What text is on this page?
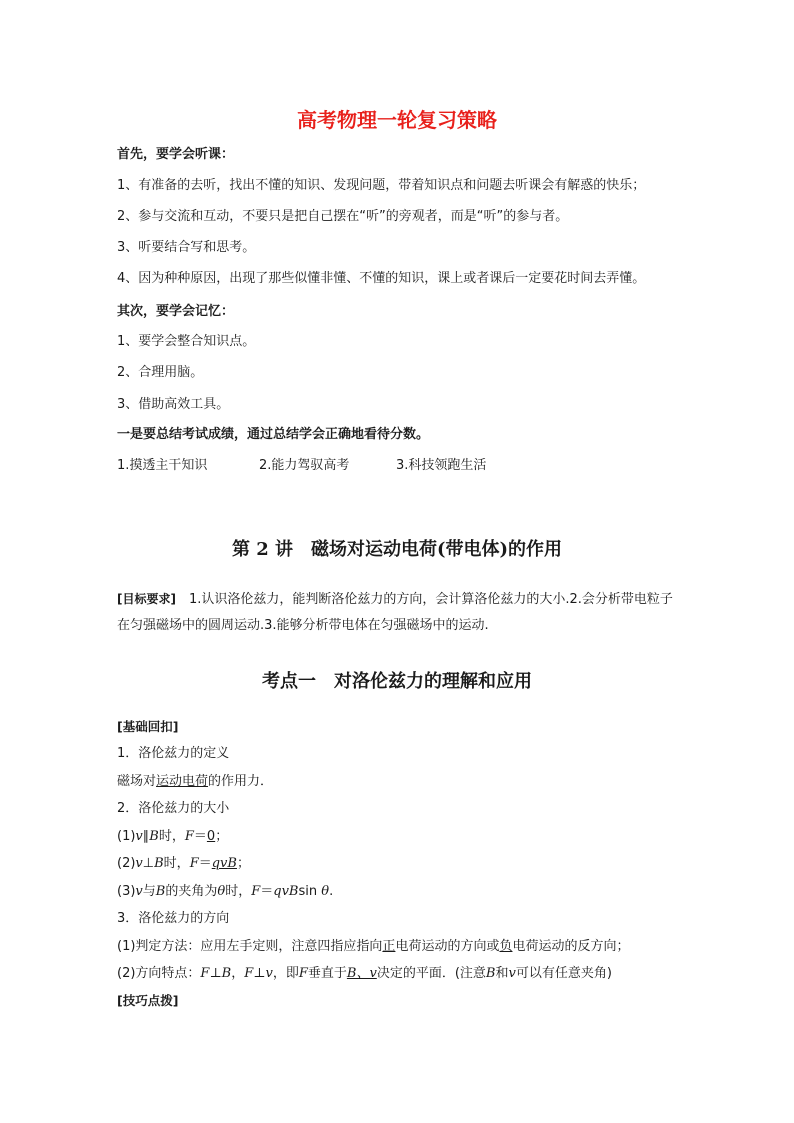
高考物理一轮复习策略
首先，要学会听课：
1、有准备的去听，找出不懂的知识、发现问题，带着知识点和问题去听课会有解惑的快乐；
2、参与交流和互动，不要只是把自己摆在“听”的旁观者，而是“听”的参与者。
3、听要结合写和思考。
4、因为种种原因，出现了那些似懂非懂、不懂的知识，课上或者课后一定要花时间去弄懂。
其次，要学会记忆：
1、要学会整合知识点。
2、合理用脑。
3、借助高效工具。
一是要总结考试成绩，通过总结学会正确地看待分数。
1.摸透主干知识	2.能力驾驭高考	3.科技领跑生活
第 2 讲　磁场对运动电荷(带电体)的作用
[目标要求]　1.认识洛伦兹力，能判断洛伦兹力的方向，会计算洛伦兹力的大小.2.会分析带电粒子在匀强磁场中的圆周运动.3.能够分析带电体在匀强磁场中的运动.
考点一　对洛伦兹力的理解和应用
[基础回扣]
1．洛伦兹力的定义
磁场对运动电荷的作用力．
2．洛伦兹力的大小
(1)v∥B时，F＝0；
(2)v⊥B时，F＝qvB；
(3)v与B的夹角为θ时，F＝qvBsin θ.
3．洛伦兹力的方向
(1)判定方法：应用左手定则，注意四指应指向正电荷运动的方向或负电荷运动的反方向；
(2)方向特点：F⊥B，F⊥v，即F垂直于B、v决定的平面．(注意B和v可以有任意夹角)
[技巧点拨]
